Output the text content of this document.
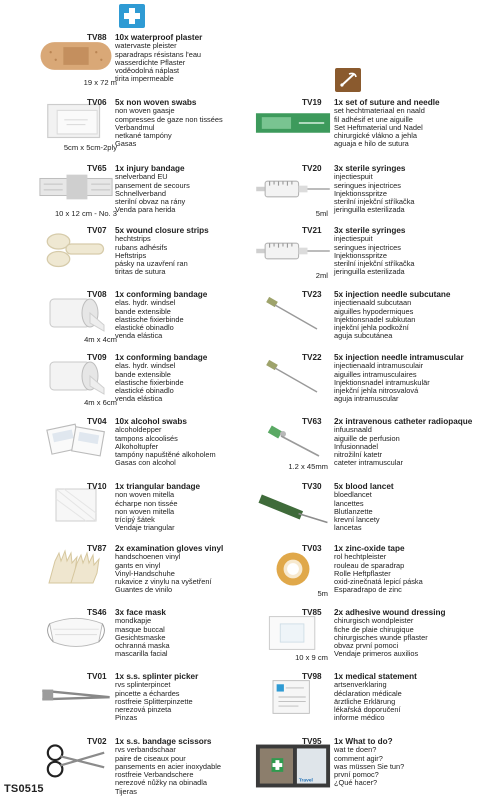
TV88 10x waterproof plaster
watervaste pleister
sparadraps résistans l'eau
wasserdichte Pflaster
voděodolná náplast
tirita impermeable
19 x 72 m
TV06 5x non woven swabs
non woven gaasje
compresses de gaze non tissées
Verbandmul
netkané tampóny
Gasas
5cm x 5cm-2ply
TV65 1x injury bandage
snelverband EU
pansement de secours
Schnellverband
sterilní obvaz na rány
Venda para herida
10 x 12 cm - No. 3
TV07 5x wound closure strips
hechtstrips
rubans adhésifs
Heftstrips
pásky na uzavření ran
tiritas de sutura
TV08 1x conforming bandage
elas. hydr. windsel
bande extensible
elastische fixierbinde
elastické obinadlo
venda elástica
4m x 4cm
TV09 1x conforming bandage
elas. hydr. windsel
bande extensible
elastische fixierbinde
elastické obinadlo
venda elástica
4m x 6cm
TV04 10x alcohol swabs
alcoholdepper
tampons alcoolisés
Alkoholtupfer
tampóny napuštěné alkoholem
Gasas con alcohol
TV10 1x triangular bandage
non woven mitella
écharpe non tissée
non woven mitella
trícípý šátek
Vendaje triangular
TV87 2x examination gloves vinyl
handschoenen vinyl
gants en vinyl
Vinyl-Handschuhe
rukavice z vinylu na vyšetření
Guantes de vinilo
TS46 3x face mask
mondkapje
masque buccal
Gesichtsmaske
ochranná maska
mascarilla facial
TV01 1x s.s. splinter picker
rvs splinterpincet
pincette a échardes
rostfreie Splitterpinzette
nerezová pinzeta
Pinzas
TV02 1x s.s. bandage scissors
rvs verbandschaar
paire de ciseaux pour
pansements en acier inoxydable
rostfreie Verbandschere
nerezové nůžky na obinadla
Tijeras
TV19 1x set of suture and needle
set hechtmateriaal en naald
fil adhésif et une aiguille
Set Heftmaterial und Nadel
chirurgické vlákno a jehla
aguaja e hilo de sutura
TV20 3x sterile syringes
injectiespuit
seringues injectrices
Injektionsspritze
sterilní injekční stříkačka
jeringuilla esterilizada
5ml
TV21 3x sterile syringes
injectiespuit
seringues injectrices
Injektionsspritze
sterilní injekční stříkačka
jeringuilla esterilizada
2ml
TV23 5x injection needle subcutane
injectienaald subcutaan
aiguilles hypodermiques
Injektionsnadel subkutan
injekční jehla podkožní
aguja subcutánea
TV22 5x injection needle intramuscular
injectienaald intramusculair
aiguilles intramusculaires
Injektionsnadel intramuskulär
injekční jehla nitrosvalová
aguja intramuscular
TV63 2x intravenous catheter radiopaque
infuusnaald
aiguille de perfusion
Infusionnadel
nitrožilní katetr
cateter intramuscular
1.2 x 45mm
TV30 5x blood lancet
bloedlancet
lancettes
Blutlanzette
krevní lancety
lancetas
TV03 1x zinc-oxide tape
rol hechtpleister
rouleau de sparadrap
Rolle Heftpflaster
oxid-zinečnatá lepicí páska
Esparadrapo de zinc
5m
TV85 2x adhesive wound dressing
chirurgisch wondpleister
fiche de plaie chirugique
chirurgisches wunde pflaster
obvaz první pomoci
Vendaje primeros auxilios
10 x 9 cm
TV98 1x medical statement
artsenverklaring
déclaration médicale
ärztliche Erklärung
lékařská doporučení
informe médico
Travel
TV95 1x What to do?
wat te doen?
comment agir?
was müssen Sie tun?
první pomoc?
¿Qué hacer?
TS0515
